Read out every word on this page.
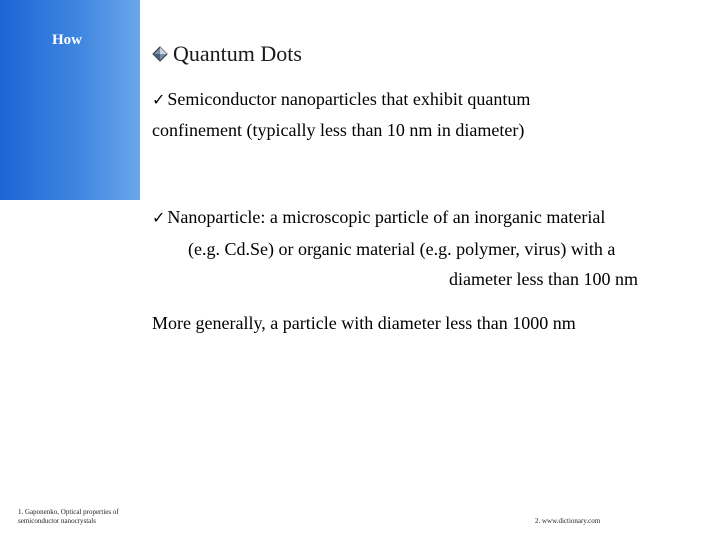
How
Quantum Dots
✓ Semiconductor nanoparticles that exhibit quantum
confinement (typically less than 10 nm in diameter)
✓ Nanoparticle: a microscopic particle of an inorganic material
(e.g. Cd.Se) or organic material (e.g. polymer, virus) with a
diameter less than 100 nm
More generally, a particle with diameter less than 1000 nm
1. Gaponenko, Optical properties of
semiconductor nanocrystals	2. www.dictionary.com
